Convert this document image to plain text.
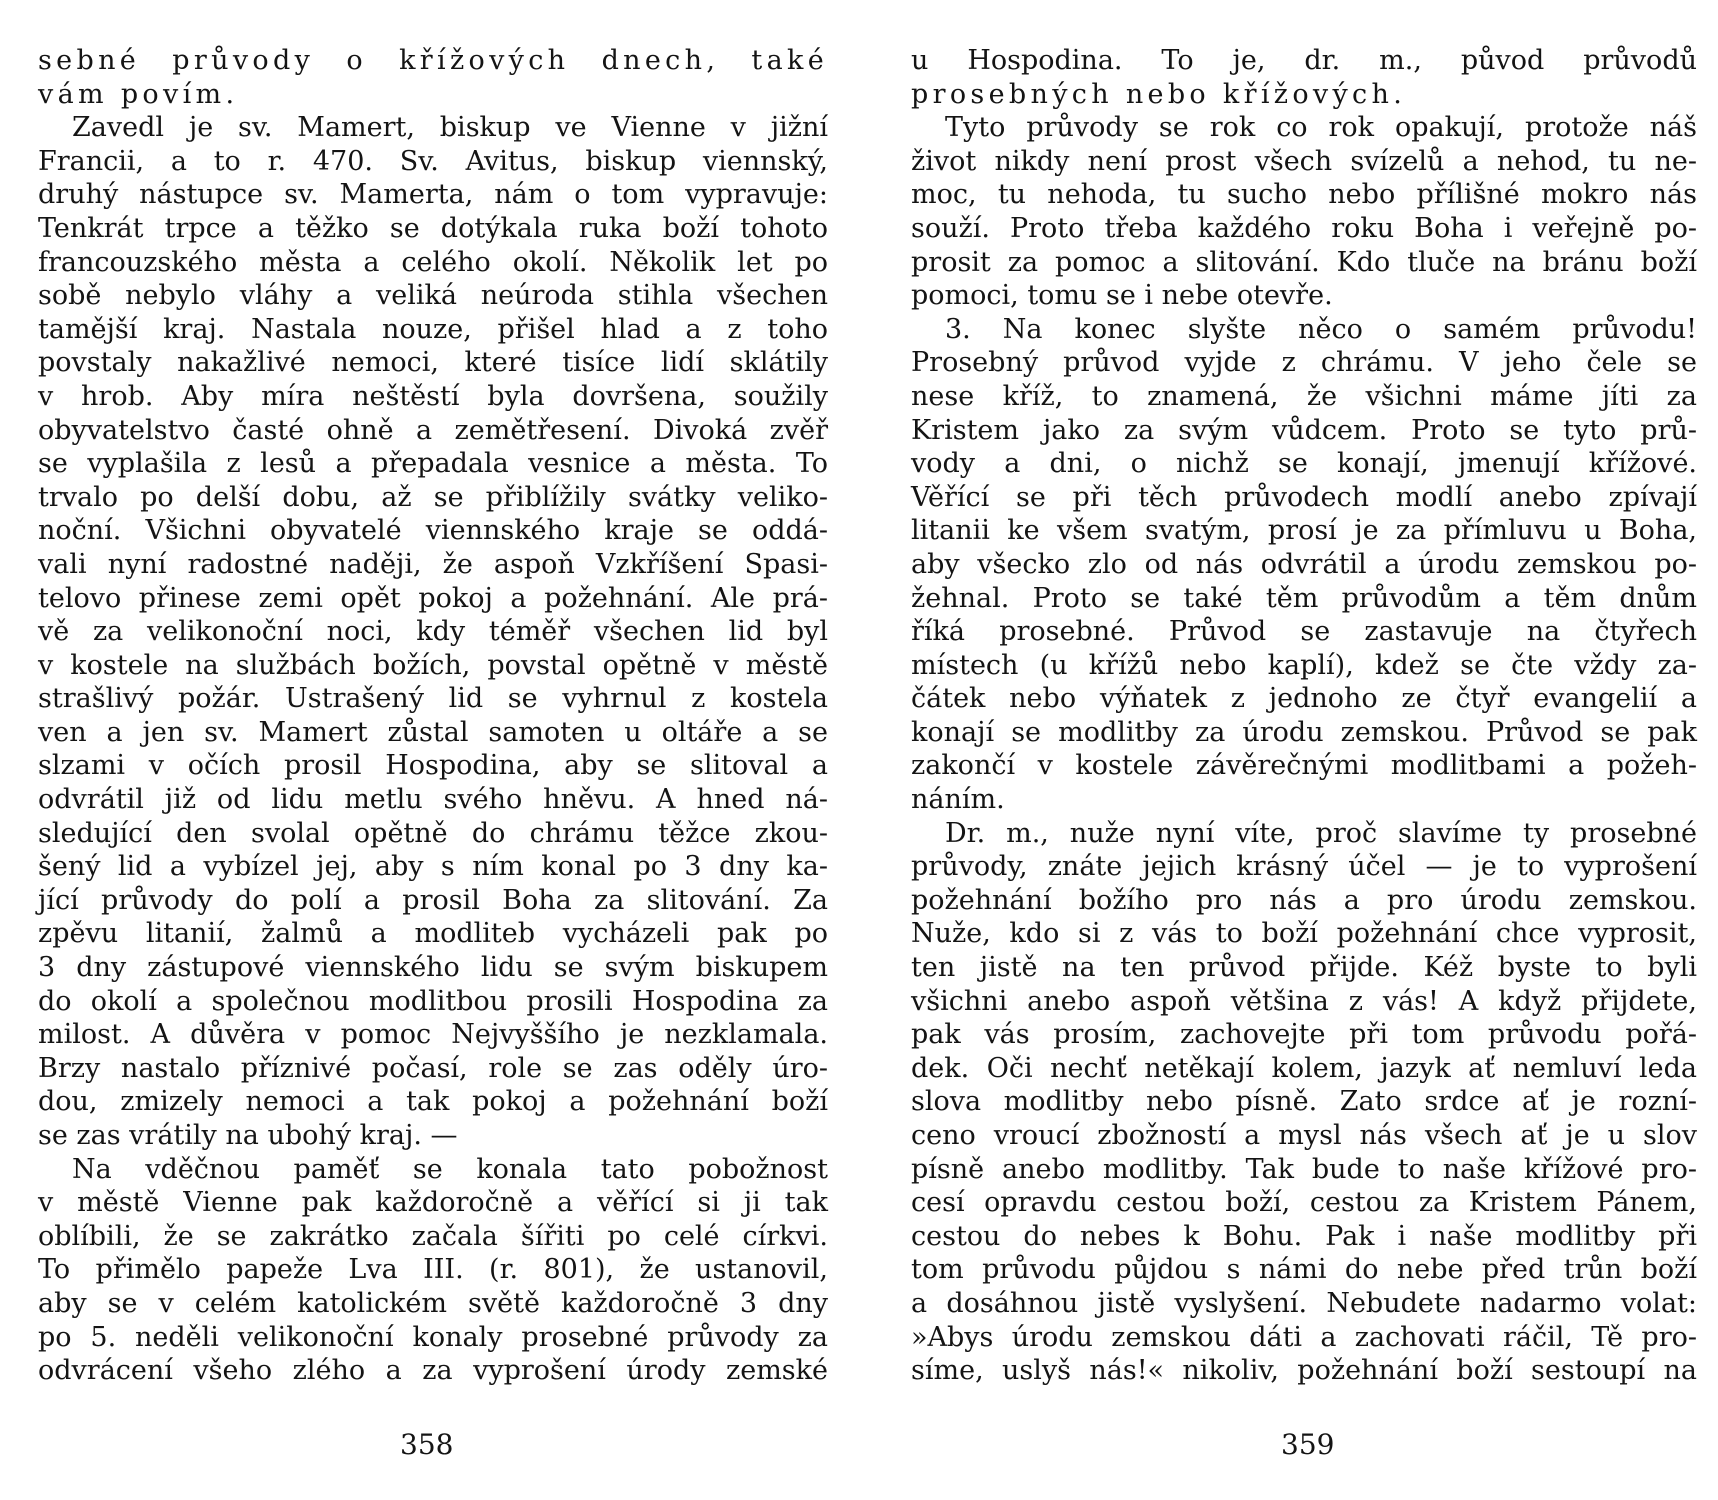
sebné průvody o křížových dnech, také
vám povím.
Zavedl je sv. Mamert, biskup ve Vienne v jižní
Francii, a to r. 470. Sv. Avitus, biskup viennský,
druhý nástupce sv. Mamerta, nám o tom vypravuje:
Tenkrát trpce a těžko se dotýkala ruka boží tohoto
francouzského města a celého okolí. Několik let po
sobě nebylo vláhy a veliká neúroda stihla všechen
tamější kraj. Nastala nouze, přišel hlad a z toho
povstaly nakažlivé nemoci, které tisíce lidí sklátily
v hrob. Aby míra neštěstí byla dovršena, soužily
obyvatelstvo časté ohně a zemětřesení. Divoká zvěř
se vyplašila z lesů a přepadala vesnice a města. To
trvalo po delší dobu, až se přiblížily svátky veliko-
noční. Všichni obyvatelé viennského kraje se oddá-
vali nyní radostné naději, že aspoň Vzkříšení Spasi-
telovo přinese zemi opět pokoj a požehnání. Ale prá-
vě za velikonoční noci, kdy téměř všechen lid byl
v kostele na službách božích, povstal opětně v městě
strašlivý požár. Ustrašený lid se vyhrnul z kostela
ven a jen sv. Mamert zůstal samoten u oltáře a se
slzami v očích prosil Hospodina, aby se slitoval a
odvrátil již od lidu metlu svého hněvu. A hned ná-
sledující den svolal opětně do chrámu těžce zkou-
šený lid a vybízel jej, aby s ním konal po 3 dny ka-
jící průvody do polí a prosil Boha za slitování. Za
zpěvu litanií, žalmů a modliteb vycházeli pak po
3 dny zástupové viennského lidu se svým biskupem
do okolí a společnou modlitbou prosili Hospodina za
milost. A důvěra v pomoc Nejvyššího je nezklamala.
Brzy nastalo příznivé počasí, role se zas oděly úro-
dou, zmizely nemoci a tak pokoj a požehnání boží
se zas vrátily na ubohý kraj. —
Na vděčnou paměť se konala tato pobožnost
v městě Vienne pak každoročně a věřící si ji tak
oblíbili, že se zakrátko začala šířiti po celé církvi.
To přimělo papeže Lva III. (r. 801), že ustanovil,
aby se v celém katolickém světě každoročně 3 dny
po 5. neděli velikonoční konaly prosebné průvody za
odvrácení všeho zlého a za vyprošení úrody zemské
358
u Hospodina. To je, dr. m., původ průvodů
prosebných nebo křížových.
Tyto průvody se rok co rok opakují, protože náš
život nikdy není prost všech svízelů a nehod, tu ne-
moc, tu nehoda, tu sucho nebo přílišné mokro nás
souží. Proto třeba každého roku Boha i veřejně po-
prosit za pomoc a slitování. Kdo tluče na bránu boží
pomoci, tomu se i nebe otevře.
3. Na konec slyšte něco o samém průvodu!
Prosebný průvod vyjde z chrámu. V jeho čele se
nese kříž, to znamená, že všichni máme jíti za
Kristem jako za svým vůdcem. Proto se tyto prů-
vody a dni, o nichž se konají, jmenují křížové.
Věřící se při těch průvodech modlí anebo zpívají
litanii ke všem svatým, prosí je za přímluvu u Boha,
aby všecko zlo od nás odvrátil a úrodu zemskou po-
žehnal. Proto se také těm průvodům a těm dnům
říká prosebné. Průvod se zastavuje na čtyřech
místech (u křížů nebo kaplí), kdež se čte vždy za-
čátek nebo výňatek z jednoho ze čtyř evangelií a
konají se modlitby za úrodu zemskou. Průvod se pak
zakončí v kostele závěrečnými modlitbami a požeh-
náním.
Dr. m., nuže nyní víte, proč slavíme ty prosebné
průvody, znáte jejich krásný účel — je to vyprošení
požehnání božího pro nás a pro úrodu zemskou.
Nuže, kdo si z vás to boží požehnání chce vyprosit,
ten jistě na ten průvod přijde. Kéž byste to byli
všichni anebo aspoň většina z vás! A když přijdete,
pak vás prosím, zachovejte při tom průvodu pořá-
dek. Oči nechť netěkají kolem, jazyk ať nemluví leda
slova modlitby nebo písně. Zato srdce ať je rozní-
ceno vroucí zbožností a mysl nás všech ať je u slov
písně anebo modlitby. Tak bude to naše křížové pro-
cesí opravdu cestou boží, cestou za Kristem Pánem,
cestou do nebes k Bohu. Pak i naše modlitby při
tom průvodu půjdou s námi do nebe před trůn boží
a dosáhnou jistě vyslyšení. Nebudete nadarmo volat:
»Abys úrodu zemskou dáti a zachovati ráčil, Tě pro-
síme, uslyš nás!« nikoliv, požehnání boží sestoupí na
359
